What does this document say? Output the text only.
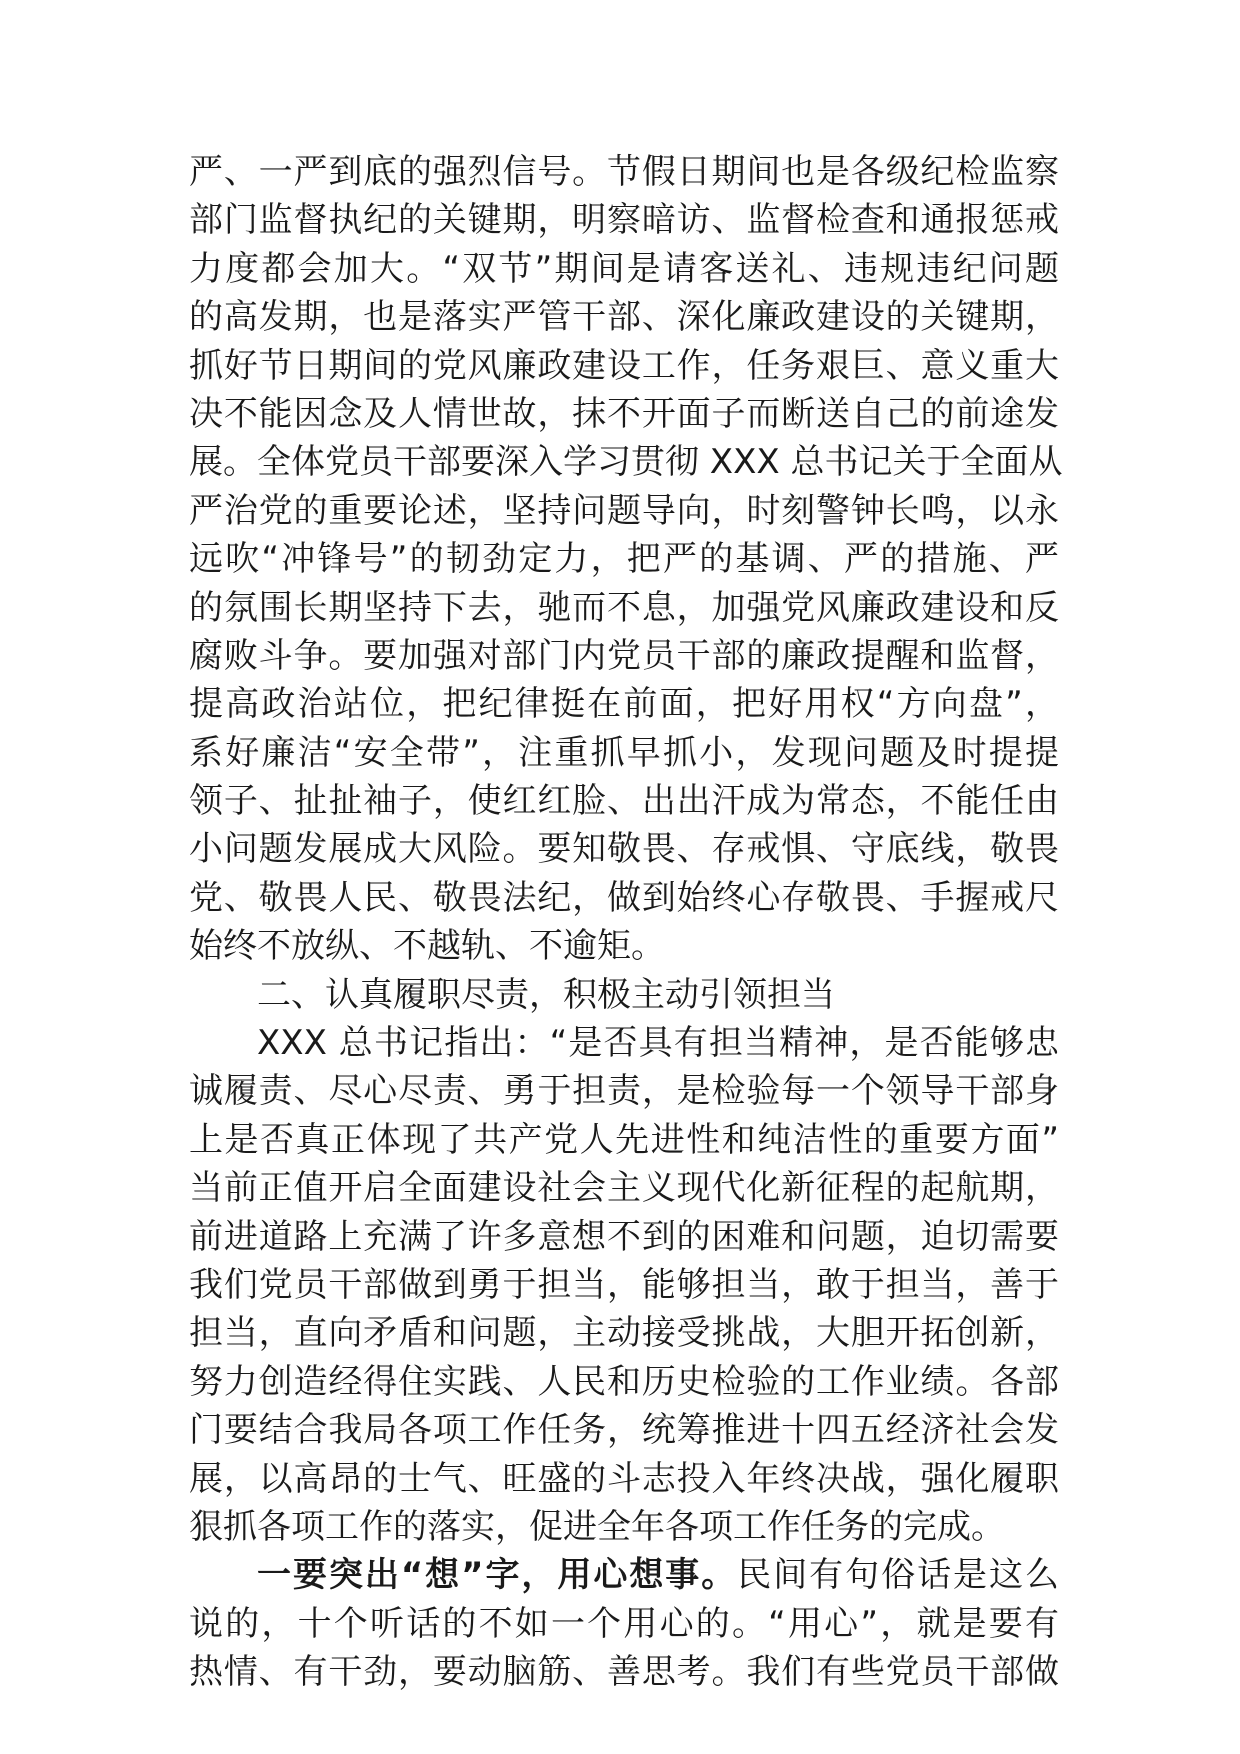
严、一严到底的强烈信号。节假日期间也是各级纪检监察
部门监督执纪的关键期，明察暗访、监督检查和通报惩戒
力度都会加大。“双节”期间是请客送礼、违规违纪问题
的高发期，也是落实严管干部、深化廉政建设的关键期，
抓好节日期间的党风廉政建设工作，任务艰巨、意义重大
决不能因念及人情世故，抹不开面子而断送自己的前途发
展。全体党员干部要深入学习贯彻 XXX 总书记关于全面从
严治党的重要论述，坚持问题导向，时刻警钟长鸣，以永
远吹“冲锋号”的韧劲定力，把严的基调、严的措施、严
的氛围长期坚持下去，驰而不息，加强党风廉政建设和反
腐败斗争。要加强对部门内党员干部的廉政提醒和监督，
提高政治站位，把纪律挺在前面，把好用权“方向盘”，
系好廉洁“安全带”，注重抓早抓小，发现问题及时提提
领子、扯扯袖子，使红红脸、出出汗成为常态，不能任由
小问题发展成大风险。要知敬畏、存戒惧、守底线，敬畏
党、敬畏人民、敬畏法纪，做到始终心存敬畏、手握戒尺
始终不放纵、不越轨、不逾矩。
二、认真履职尽责，积极主动引领担当
XXX 总书记指出：“是否具有担当精神，是否能够忠
诚履责、尽心尽责、勇于担责，是检验每一个领导干部身
上是否真正体现了共产党人先进性和纯洁性的重要方面”
当前正值开启全面建设社会主义现代化新征程的起航期，
前进道路上充满了许多意想不到的困难和问题，迫切需要
我们党员干部做到勇于担当，能够担当，敢于担当，善于
担当，直向矛盾和问题，主动接受挑战，大胆开拓创新，
努力创造经得住实践、人民和历史检验的工作业绩。各部
门要结合我局各项工作任务，统筹推进十四五经济社会发
展，以高昂的士气、旺盛的斗志投入年终决战，强化履职
狠抓各项工作的落实，促进全年各项工作任务的完成。
一要突出“想”字，用心想事。民间有句俗话是这么
说的，十个听话的不如一个用心的。“用心”，就是要有
热情、有干劲，要动脑筋、善思考。我们有些党员干部做
